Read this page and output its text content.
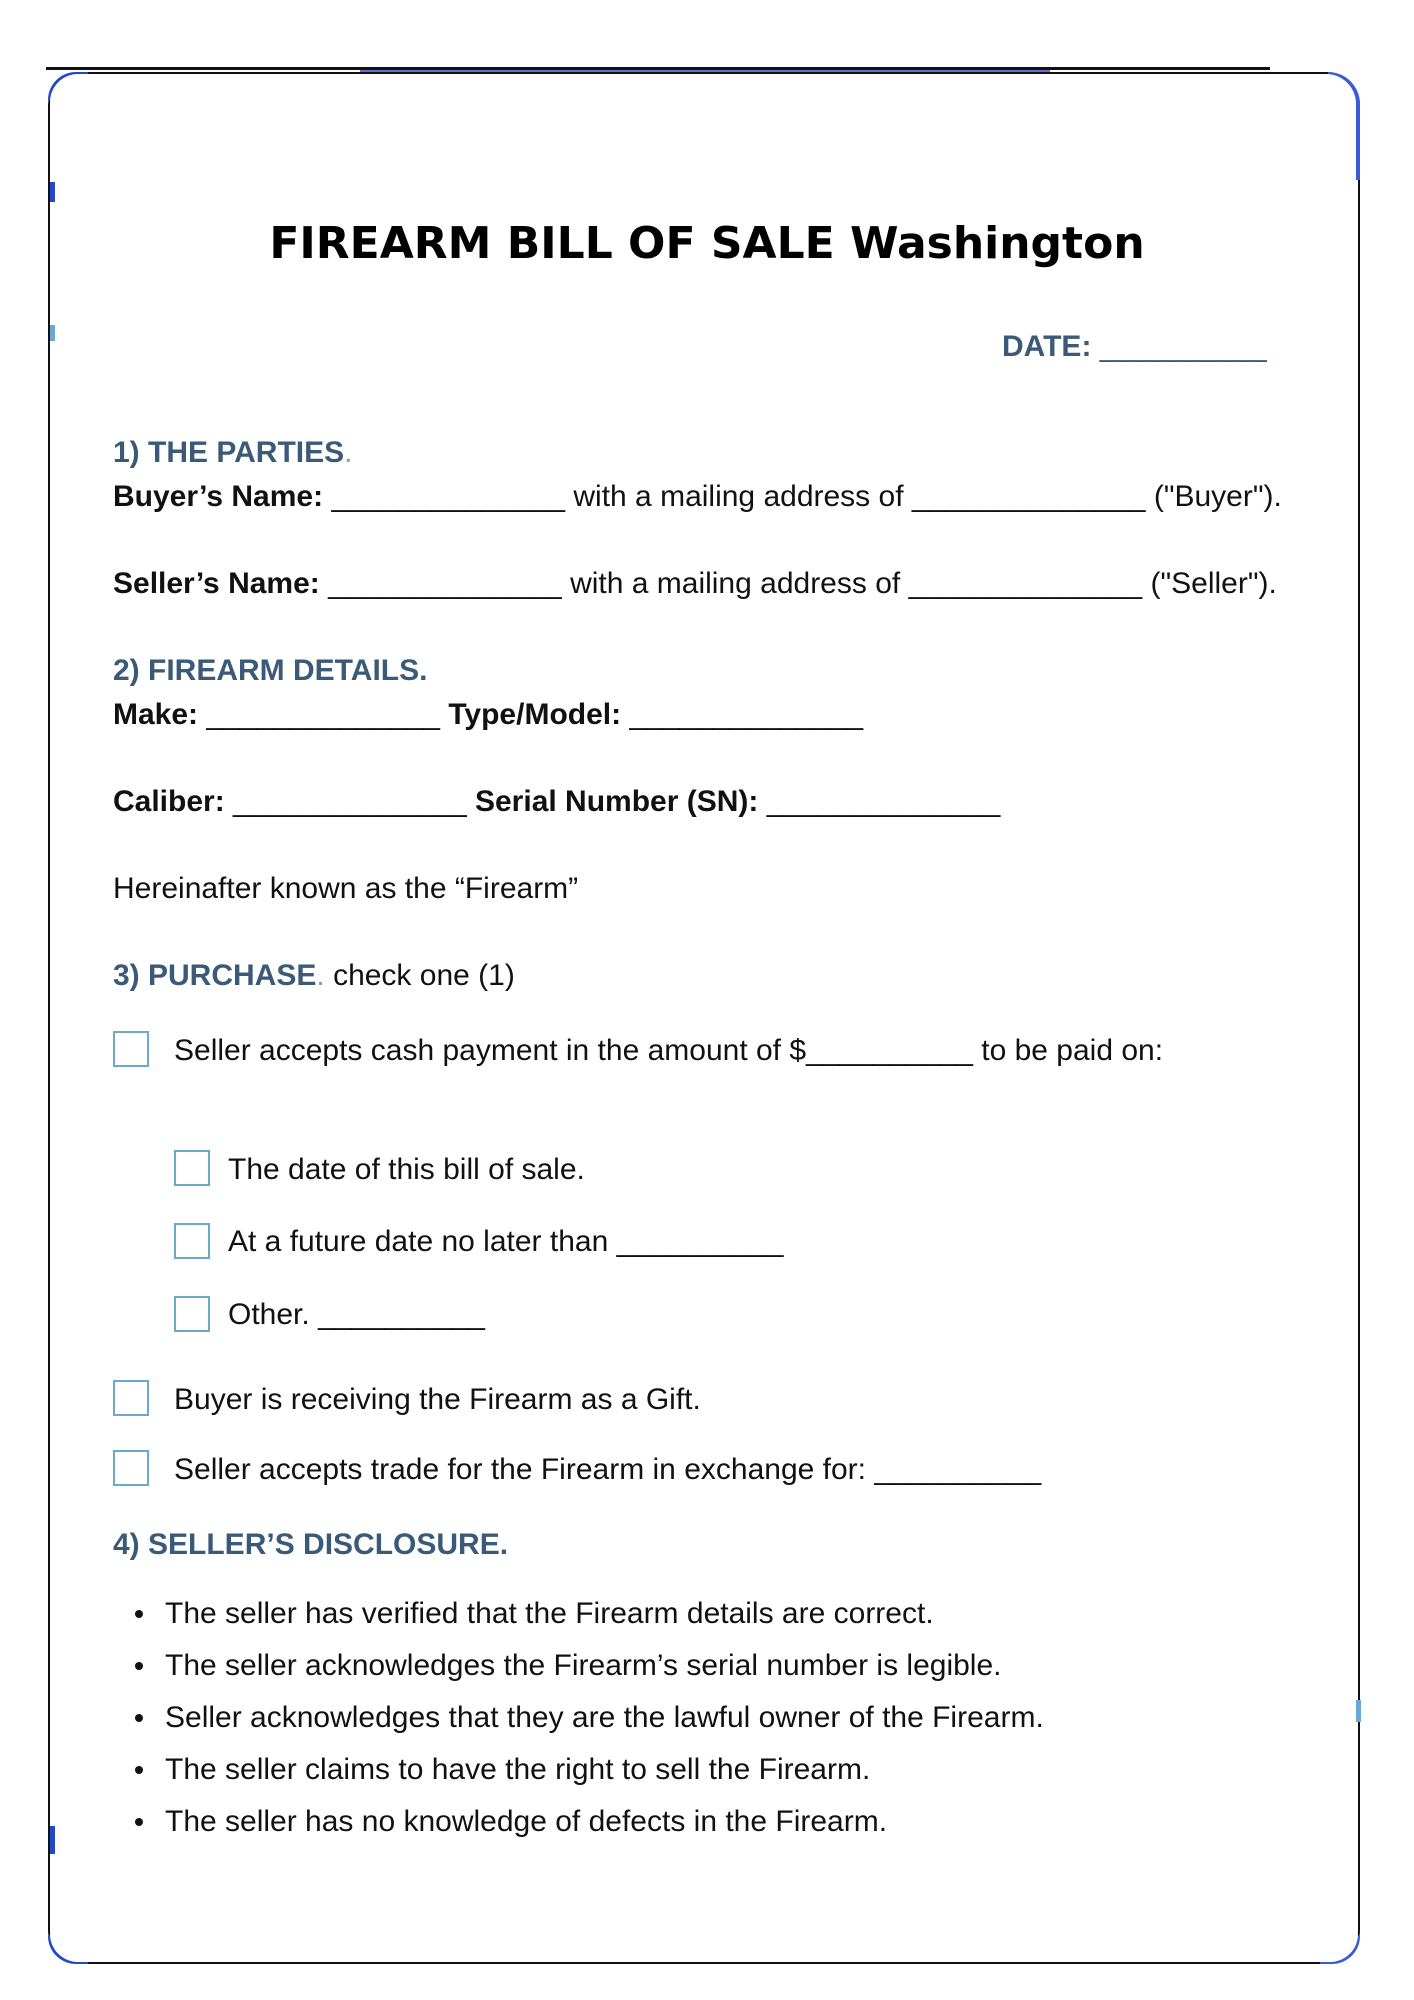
FIREARM BILL OF SALE Washington
DATE: __________
1) THE PARTIES.
Buyer’s Name: ______________ with a mailing address of ______________ ("Buyer").
Seller’s Name: ______________ with a mailing address of ______________ ("Seller").
2) FIREARM DETAILS.
Make: ______________ Type/Model: ______________
Caliber: ______________ Serial Number (SN): ______________
Hereinafter known as the “Firearm”
3) PURCHASE. check one (1)
Seller accepts cash payment in the amount of $__________ to be paid on:
The date of this bill of sale.
At a future date no later than __________
Other. __________
Buyer is receiving the Firearm as a Gift.
Seller accepts trade for the Firearm in exchange for: __________
4) SELLER’S DISCLOSURE.
The seller has verified that the Firearm details are correct.
The seller acknowledges the Firearm’s serial number is legible.
Seller acknowledges that they are the lawful owner of the Firearm.
The seller claims to have the right to sell the Firearm.
The seller has no knowledge of defects in the Firearm.
